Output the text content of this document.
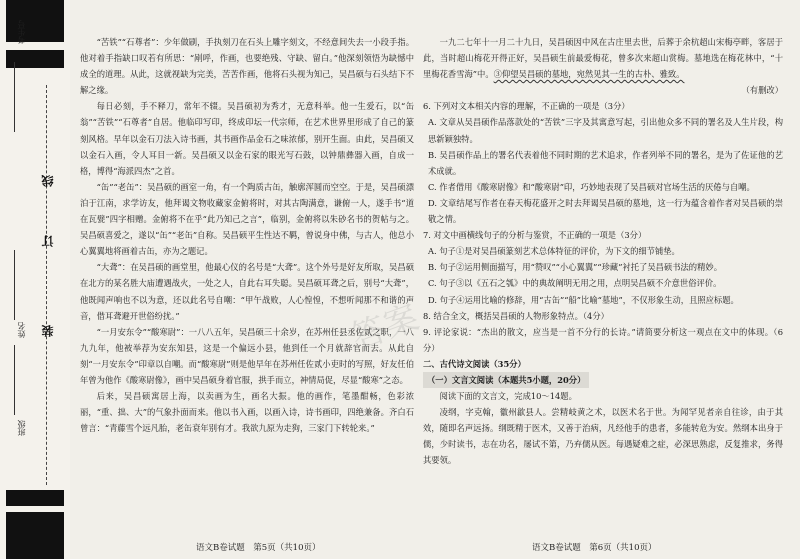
考生号
姓名
班级
线
订
装

“苦铁”“石尊者”：少年做刷，手执刻刀在石头上雕字刻文，不经意间失去一小段手指。他对着手指缺口叹若有所思：“剐呼，作画，也要绝残、守缺、留白。”他深刻领悟为缺憾中成全的道理。从此，这就视缺为完美，苦苦作画，他将石头视为知己，吴昌硕与石头结下不解之缘。

每日必刻，手不释刀，常年不辍。吴昌硕初为秀才，无意科举。他一生爱石，以“缶翁”“苦铁”“石尊者”自居。他临印写印，终成印坛一代宗师，在艺术世界里形成了自己的篆刻风格。早年以金石刀法入诗书画，其书画作品金石之味浓郁，别开生面。由此，吴昌硕又以金石入画，令人耳目一新。吴昌硕又以金石家的眼光写石鼓，以钟鼎彝器入画，自成一格，博得“海派四杰”之首。

“缶”“老缶”：吴昌硕的画室一角，有一个陶质古缶，触廓浑圆而空空。于是，吴昌硕漂泊于江南，求学访友，他拜谒文物收藏家金俯将时，对其古陶满意，谦俯一人，遂手书“道在瓦甓”四字相赠。金俯将不在乎“此乃知己之言”，临别，金俯将以朱砂名书的贺帖与之。吴昌硕喜爱之，遂以“缶”“老缶”自称。吴昌硕平生性达不羁，曾说身中佛，与古人，他总小心翼翼地将画着古缶，亦为之题记。

“大聋”：在吴昌硕的画堂里，他最心仪的名号是“大聋”。这个外号是好友所取，吴昌硕在北方的某名胜大庙遭遇战火，一处之人，自此右耳失聪。吴昌硕耳聋之后，别号“大聋”，他既闻声响也不以为意，还以此名号自嘲：“甲午战败，人心惶惶，不想听闻那不和谐的声音，借耳聋避开世俗纷扰。”

“一月安东令”“酸寒尉”：一八八五年，吴昌硕三十余岁，在苏州任县丞佐贰之职，一八九九年，他被举荐为安东知县，这是一个偏远小县，他到任一个月就辞官而去。从此自刻“一月安东令”印章以自嘲。而“酸寒尉”则是他早年在苏州任佐贰小吏时的写照，好友任伯年曾为他作《酸寒尉像》，画中吴昌硕身着官服，拱手而立，神情局促，尽显“酸寒”之态。

后来，吴昌硕寓居上海，以卖画为生，画名大振。他的画作，笔墨酣畅，色彩浓丽，“重、拙、大”的气象扑面而来。他以书入画，以画入诗，诗书画印，四绝兼备。齐白石曾言：“青藤雪个远凡胎，老缶衰年别有才。我欲九原为走狗，三家门下转轮来。”

一九二七年十一月二十九日，吴昌硕因中风在古庄里去世，后葬于余杭超山宋梅亭畔，客居于此，当时超山梅花开得正好，吴昌硕生前最爱梅花，曾多次来超山赏梅。墓地选在梅花林中，“十里梅花香雪海”中。③仰望吴昌硕的墓地，宛然见其一生的古朴、雅致。

（有删改）

6. 下列对文本相关内容的理解，不正确的一项是（3分）

A. 文章从吴昌硕作品落款处的“苦铁”三字及其寓意写起，引出他众多不同的署名及人生片段，构思新颖独特。

B. 吴昌硕作品上的署名代表着他不同时期的艺术追求，作者列举不同的署名，是为了佐证他的艺术成就。

C. 作者借用《酸寒尉像》和“酸寒尉”印，巧妙地表现了吴昌硕对官场生活的厌倦与自嘲。

D. 文章结尾写作者在春天梅花盛开之时去拜谒吴昌硕的墓地，这一行为蕴含着作者对吴昌硕的崇敬之情。

7. 对文中画横线句子的分析与鉴赏，不正确的一项是（3分）

A. 句子①是对吴昌硕篆刻艺术总体特征的评价，为下文的细节铺垫。

B. 句子②运用侧面描写，用“赞叹”“小心翼翼”“珍藏”衬托了吴昌硕书法的精妙。

C. 句子③以《五石之瓠》中的典故阐明无用之用，点明吴昌硕不介意世俗评价。

D. 句子④运用比喻的修辞，用“古缶”“船”比喻“墓地”，不仅形象生动，且照应标题。

8. 结合全文，概括吴昌硕的人物形象特点。（4分）

9. 评论家说：“杰出的散文，应当是一首不分行的长诗。”请简要分析这一观点在文中的体现。（6分）

二、古代诗文阅读（35分）

（一）文言文阅读（本题共5小题，20分）

阅读下面的文言文，完成10～14题。

凌纲，字克翰，徽州歙县人。尝精岐黄之术，以医术名于世。为闻罕见者亲自往诊，由于其效，随即名声远扬。纲既精于医术，又善于治病，凡经他手的患者，多能转危为安。然纲本出身于儒，少时读书，志在功名，屡试不第，乃弃儒从医。每遇疑难之症，必深思熟虑，反复推求，务得其要领。

答案
语文B卷试题　第5页（共10页）	语文B卷试题　第6页（共10页）
